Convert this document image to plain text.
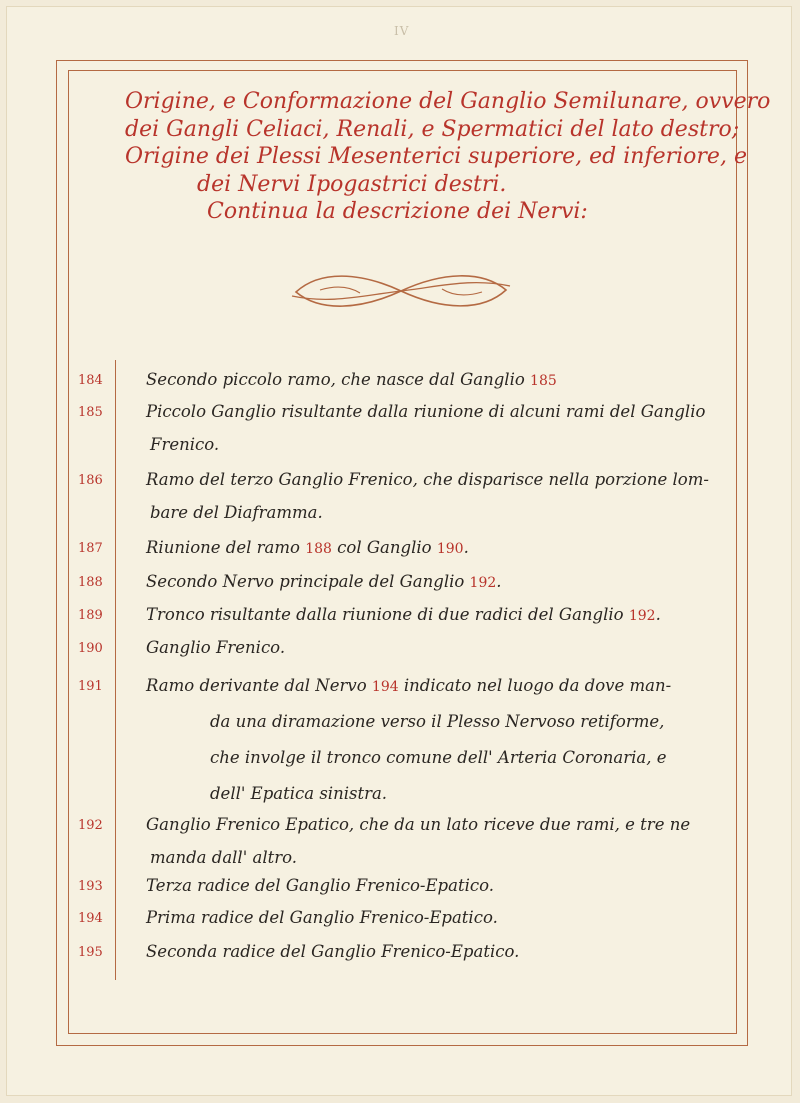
IV
Origine, e Conformazione del Ganglio Semilunare, ovvero
dei Gangli Celiaci, Renali, e Spermatici del lato destro;
Origine dei Plessi Mesenterici superiore, ed inferiore, e
dei Nervi Ipogastrici destri.
Continua la descrizione dei Nervi:
184	Secondo piccolo ramo, che nasce dal Ganglio 185
185	Piccolo Ganglio risultante dalla riunione di alcuni rami del Ganglio
Frenico.
186	Ramo del terzo Ganglio Frenico, che disparisce nella porzione lom-
bare del Diaframma.
187	Riunione del ramo 188 col Ganglio 190.
188	Secondo Nervo principale del Ganglio 192.
189	Tronco risultante dalla riunione di due radici del Ganglio 192.
190	Ganglio Frenico.
191	Ramo derivante dal Nervo 194 indicato nel luogo da dove man-
da una diramazione verso il Plesso Nervoso retiforme,
che involge il tronco comune dell' Arteria Coronaria, e
dell' Epatica sinistra.
192	Ganglio Frenico Epatico, che da un lato riceve due rami, e tre ne
manda dall' altro.
193	Terza radice del Ganglio Frenico-Epatico.
194	Prima radice del Ganglio Frenico-Epatico.
195	Seconda radice del Ganglio Frenico-Epatico.
